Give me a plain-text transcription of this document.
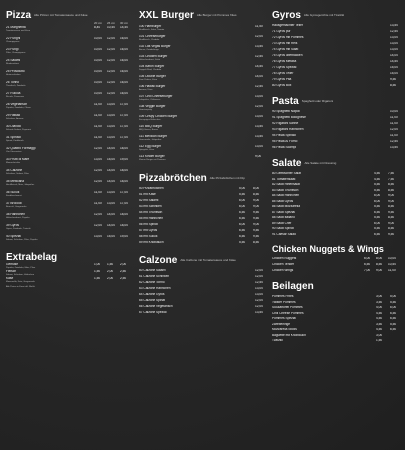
Pizza Alle Pizzen mit Tomatensauce und Käse
20 cm 26 cm 30 cm
21 Margherita
Tomatensauce und Käse
8,40 10,40 14,40
22 Funghi
Champignons
10,00 12,00 16,00
23 Fungi
Pilze, Champignons
10,00 12,00 16,00
24 Salami
Rindersalami
10,00 12,00 16,00
25 Prosciutto
Hinterschinken
10,00 12,00 16,00
26 Tonno
Thunfisch, Zwiebeln
10,00 12,00 16,00
27 Rucola
Rucola, Parmesan
10,00 12,00 16,00
28 Vegetarisch
Paprika, Zwiebeln, Oliven
11,00 13,00 17,00
29 Hawaii
Schinken, Ananas
11,00 13,00 17,00
30 Diavolo
Scharfe Salami, Peperoni
11,00 13,00 17,00
31 Spinaci
Spinat, Knoblauch
11,00 13,00 17,00
32 Quattro Formaggi
Vier Käsesorten
12,00 14,00 18,00
33 Frutti di Mare
Meeresfrüchte
13,00 15,00 19,00
34 Calzone
Schinken, Salami, Pilze
12,00 14,00 18,00
35 Mexicana
Hackfleisch, Mais, Jalapeños
12,00 14,00 18,00
36 Sucuk
Knoblauchwurst
11,00 13,00 17,00
37 Broccoli
Broccoli, Gorgonzola
11,00 13,00 17,00
38 Hähnchen
Hähnchenbrust, Paprika
12,00 14,00 18,00
39 Gyros
Gyros, Zwiebeln, Tzatziki
12,00 14,00 18,00
40 Spezial
Salami, Schinken, Pilze, Paprika
13,00 15,00 19,00
Extrabelag
Gemüse
Paprika, Zwiebeln, Mais, Pilze
1,00 1,50 2,00
Fleisch
Salami, Schinken, Hähnchen
1,50 2,00 2,50
Käse
Mozzarella, Feta, Gorgonzola
1,50 2,00 2,50
Alle Preise in Euro inkl. MwSt.
XXL Burger Alle Burger mit Pommes frites
100 Hamburger
Rindfleisch, Salat, Tomate
11,50
101 Cheeseburger
Rindfleisch, Cheddar
12,00
102 Las Vegas Burger
Bacon, Zwiebelringe
13,50
103 Chicken Burger
Hähnchenbrust, Salat
12,50
104 Baron Burger
Doppelt Rind, Cheddar
14,50
105 Double Burger
Zwei Patties, Käse
14,00
106 Hawaii Burger
Ananas, Käse
12,50
107 Chili Cheeseburger
Jalapeños, Chilisauce
13,00
108 Veggie Burger
Gemüsepatty
12,00
109 Crispy Chicken Burger
Knuspriges Hähnchen
13,00
110 BBQ Burger
BBQ-Sauce, Bacon
13,50
111 Mexican Burger
Guacamole, Jalapeños
13,50
112 Egg Burger
Spiegelei, Käse
13,00
113 Kinder Burger
Kleiner Burger mit Pommes
9,00
Pizzabrötchen Alle Pizzabrötchen mit Dip
50 Pizzabrötchen	5,00 8,00
51 mit Käse	5,50 8,50
52 mit Salami	6,00 9,00
53 mit Schinken	6,00 9,00
54 mit Thunfisch	6,50 9,50
55 mit Hähnchen	6,50 9,50
56 mit Spinat	6,00 9,00
57 mit Gyros	6,50 9,50
58 mit Sucuk	6,50 9,50
59 mit Knoblauch	5,50 8,50
Calzone Alle Calzone mit Tomatensauce und Käse
60 Calzone Salami	12,00
61 Calzone Schinken	12,00
62 Calzone Tonno	12,50
63 Calzone Hähnchen	13,00
64 Calzone Gyros	13,00
65 Calzone Spinat	12,00
66 Calzone Vegetarisch	12,00
67 Calzone Spezial	13,50
Gyros Alle Gyrosgerichte mit Tzatziki
Hausgemachter Teller	13,50
71 Gyros pur	12,50
72 Gyros mit Pommes	13,00
73 Gyros mit Reis	13,00
74 Gyros mit Salat	13,00
75 Gyros überbacken	14,00
76 Gyros Metaxa	14,50
77 Gyros Spezial	15,00
78 Gyros Teller	15,00
79 Gyros Pita	9,50
80 Gyros Box	8,50
Pasta Spaghetti oder Rigatoni
90 Spaghetti Napoli	10,00
91 Spaghetti Bolognese	11,00
92 Rigatoni Sahne	11,00
93 Rigatoni Hähnchen	12,00
94 Pasta Spinaci	11,00
95 Pasta Al Forno	12,50
96 Pasta Scampi	13,50
Salate Alle Salate mit Dressing
80 Gemischter Salat	4,50 7,50
81 Tomatensalat	4,50 7,50
82 Salat Hirtensalat	5,50 8,50
83 Salat Thunfisch	5,50 8,50
84 Salat Hähnchen	6,00 9,00
85 Salat Gyros	6,00 9,00
86 Salat Mozzarella	5,50 8,50
87 Salat Spezial	6,50 9,50
88 Salat Italiano	5,50 8,50
89 Salat Chef	6,00 9,00
90 Salat Spinat	5,50 8,50
91 Caesar Salad	6,50 9,50
Chicken Nuggets & Wings
Chicken Nuggets	6,00 8,00 10,00
Chicken Tender	6,50 8,50 10,50
Chicken Wings	7,00 9,00 11,00
Beilagen
Pommes Frites	3,00 5,00
Twister Pommes	3,50 5,50
Süßkartoffel Pommes	4,00 6,00
Chili Cheese Pommes	4,50 6,50
Pommes Spezial	4,50 6,50
Zwiebelringe	3,50 5,50
Mozzarella Sticks	4,50 6,50
Baguette mit Knoblauch	3,00
Tzatziki	1,50
